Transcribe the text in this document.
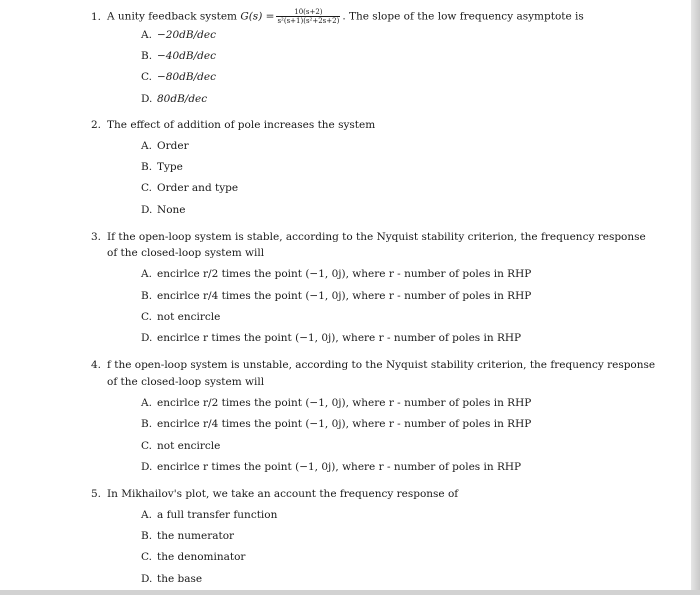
1. A unity feedback system $G(s) = \frac{10(s+2)}{\text{s²(s+1)(s²+2s+2)}}$ . The slope of the low frequency asymptote is
A. −20dB/dec
B. −40dB/dec
C. −80dB/dec
D. 80dB/dec
2. The effect of addition of pole increases the system
A. Order
B. Type
C. Order and type
D. None
3. If the open-loop system is stable, according to the Nyquist stability criterion, the frequency response
of the closed-loop system will
A. encirlce r/2 times the point (−1, 0j), where r - number of poles in RHP
B. encirlce r/4 times the point (−1, 0j), where r - number of poles in RHP
C. not encircle
D. encirlce r times the point (−1, 0j), where r - number of poles in RHP
4. f the open-loop system is unstable, according to the Nyquist stability criterion, the frequency response
of the closed-loop system will
A. encirlce r/2 times the point (−1, 0j), where r - number of poles in RHP
B. encirlce r/4 times the point (−1, 0j), where r - number of poles in RHP
C. not encircle
D. encirlce r times the point (−1, 0j), where r - number of poles in RHP
5. In Mikhailov's plot, we take an account the frequency response of
A. a full transfer function
B. the numerator
C. the denominator
D. the base
